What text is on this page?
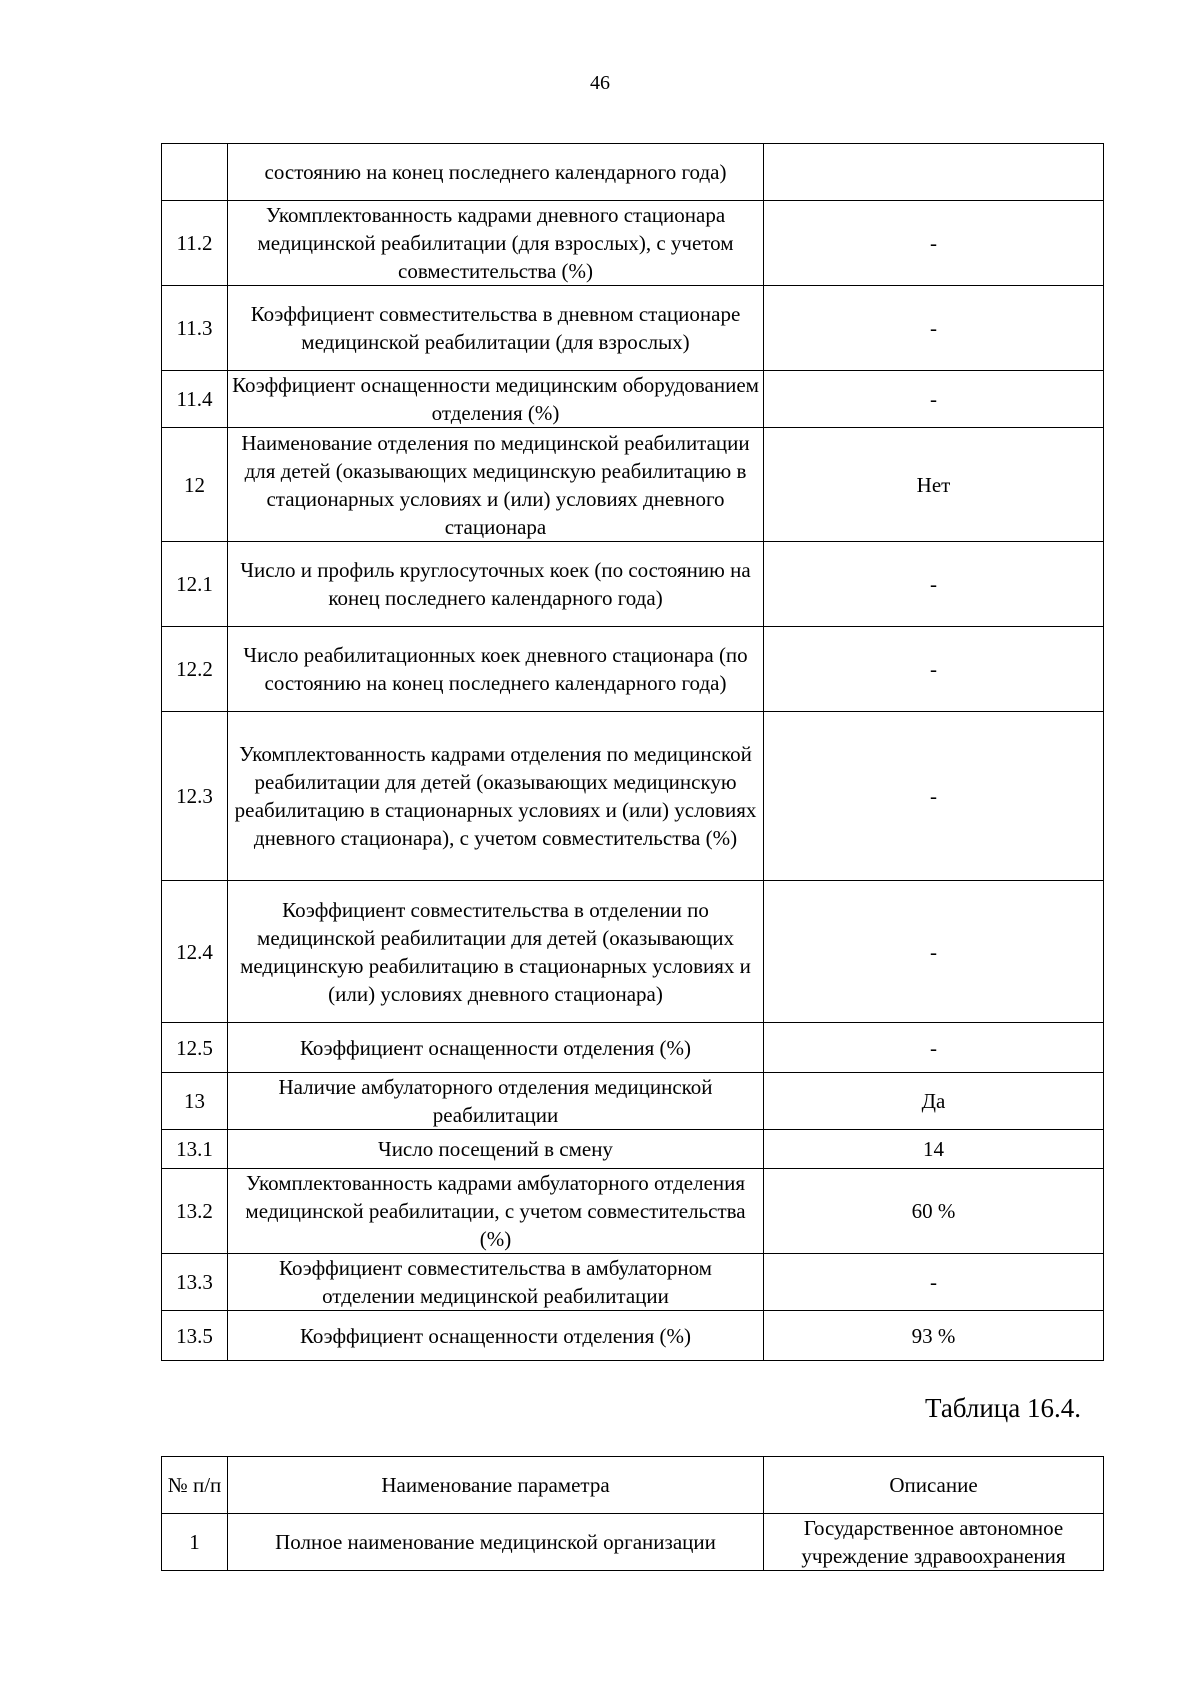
46
	состоянию на конец последнего календарного года)	
11.2	Укомплектованность кадрами дневного стационара медицинской реабилитации (для взрослых), с учетом совместительства (%)	-
11.3	Коэффициент совместительства в дневном стационаре медицинской реабилитации (для взрослых)	-
11.4	Коэффициент оснащенности медицинским оборудованием отделения (%)	-
12	Наименование отделения по медицинской реабилитации для детей (оказывающих медицинскую реабилитацию в стационарных условиях и (или) условиях дневного стационара	Нет
12.1	Число и профиль круглосуточных коек (по состоянию на конец последнего календарного года)	-
12.2	Число реабилитационных коек дневного стационара (по состоянию на конец последнего календарного года)	-
12.3	Укомплектованность кадрами отделения по медицинской реабилитации для детей (оказывающих медицинскую реабилитацию в стационарных условиях и (или) условиях дневного стационара), с учетом совместительства (%)	-
12.4	Коэффициент совместительства в отделении по медицинской реабилитации для детей (оказывающих медицинскую реабилитацию в стационарных условиях и (или) условиях дневного стационара)	-
12.5	Коэффициент оснащенности отделения (%)	-
13	Наличие амбулаторного отделения медицинской реабилитации	Да
13.1	Число посещений в смену	14
13.2	Укомплектованность кадрами амбулаторного отделения медицинской реабилитации, с учетом совместительства (%)	60 %
13.3	Коэффициент совместительства в амбулаторном отделении медицинской реабилитации	-
13.5	Коэффициент оснащенности отделения (%)	93 %
Таблица 16.4.
№ п/п	Наименование параметра	Описание
1	Полное наименование медицинской организации	Государственное автономное учреждение здравоохранения
